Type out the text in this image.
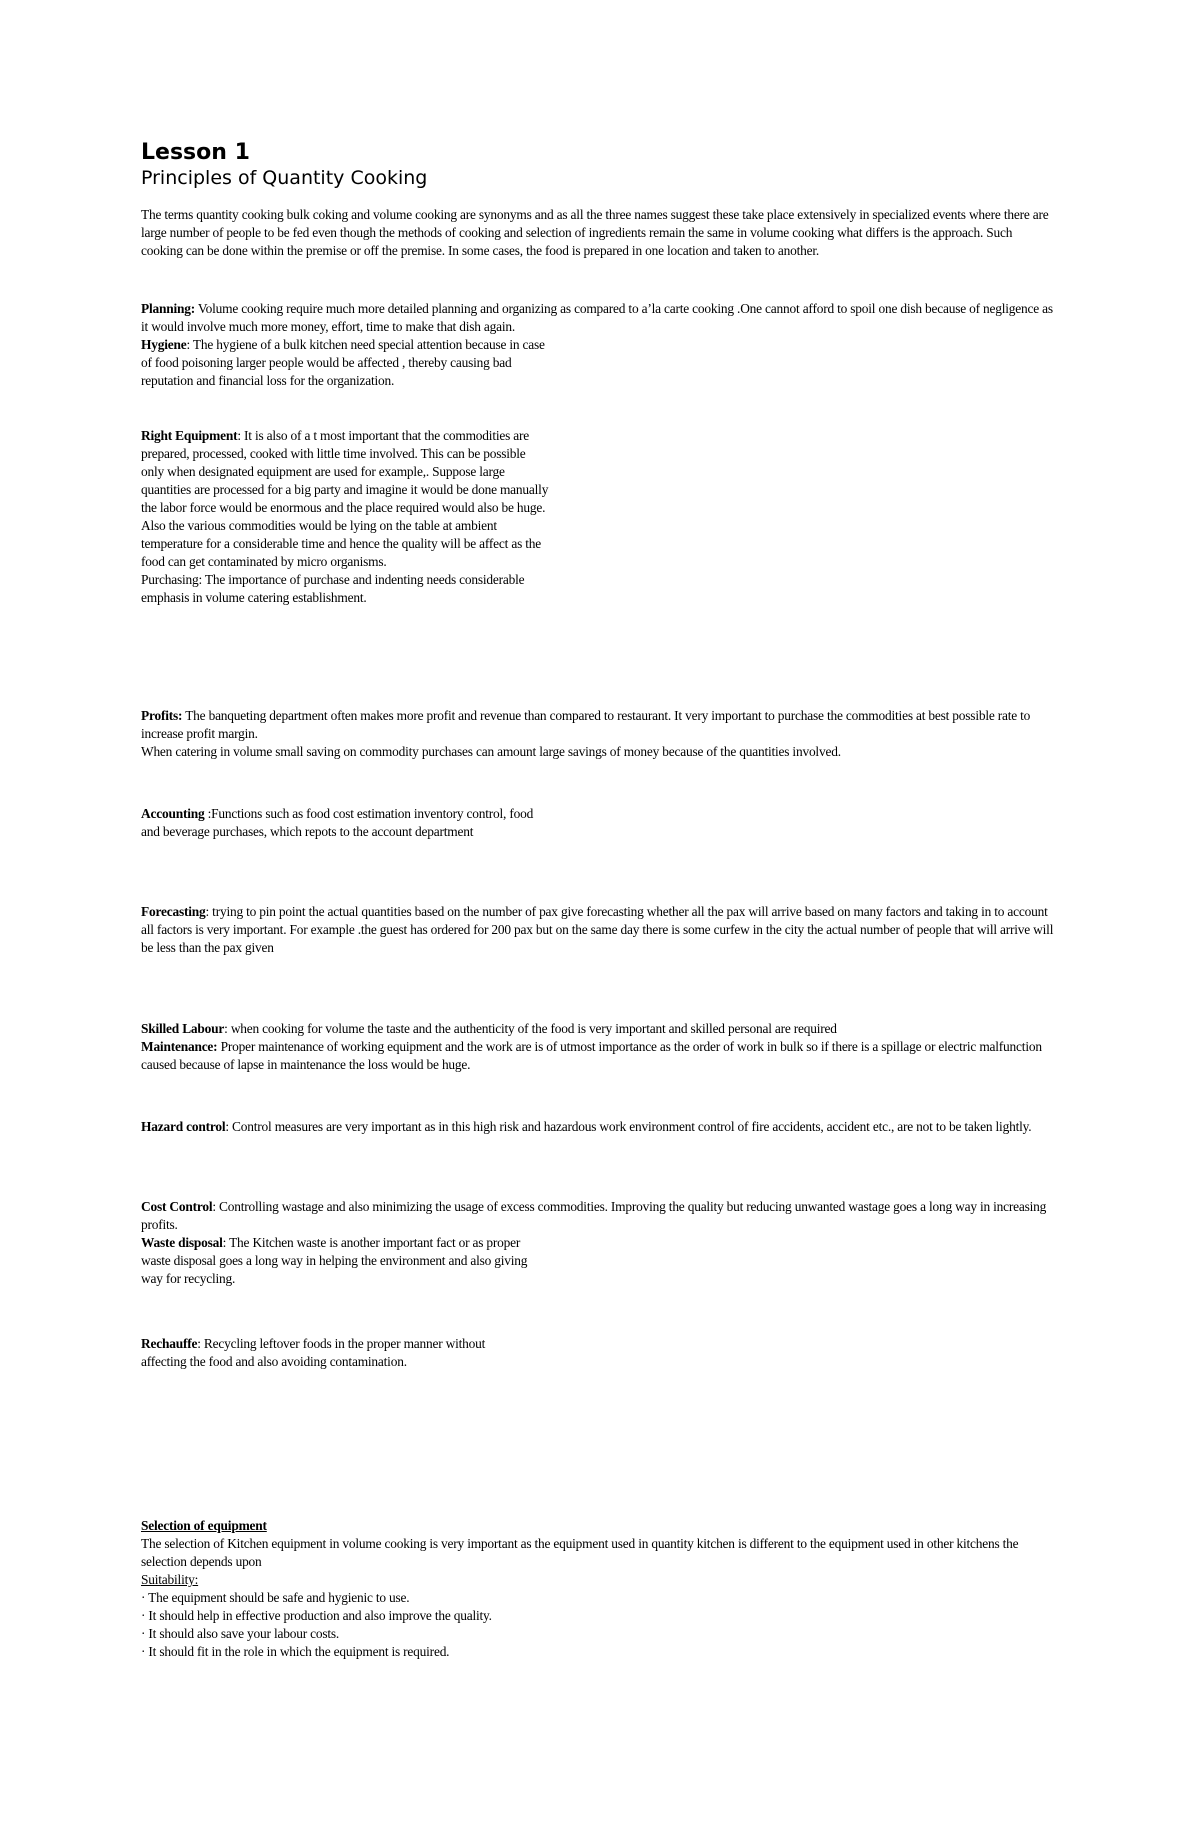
Lesson 1

Principles of Quantity Cooking

The terms quantity cooking bulk coking and volume cooking are synonyms and as all the three names suggest these take place extensively in specialized events where there are large number of people to be fed even though the methods of cooking and selection of ingredients remain the same in volume cooking what differs is the approach. Such cooking can be done within the premise or off the premise. In some cases, the food is prepared in one location and taken to another.

Planning: Volume cooking require much more detailed planning and organizing as compared to a’la carte cooking .One cannot afford to spoil one dish because of negligence as it would involve much more money, effort, time to make that dish again.

Hygiene: The hygiene of a bulk kitchen need special attention because in case of food poisoning larger people would be affected , thereby causing bad reputation and financial loss for the organization.

Right Equipment: It is also of a t most important that the commodities are prepared, processed, cooked with little time involved. This can be possible only when designated equipment are used for example,. Suppose large quantities are processed for a big party and imagine it would be done manually the labor force would be enormous and the place required would also be huge. Also the various commodities would be lying on the table at ambient temperature for a considerable time and hence the quality will be affect as the food can get contaminated by micro organisms.

Purchasing: The importance of purchase and indenting needs considerable emphasis in volume catering establishment.

Profits: The banqueting department often makes more profit and revenue than compared to restaurant. It very important to purchase the commodities at best possible rate to increase profit margin.

When catering in volume small saving on commodity purchases can amount large savings of money because of the quantities involved.

Accounting :Functions such as food cost estimation inventory control, food and beverage purchases, which repots to the account department

Forecasting: trying to pin point the actual quantities based on the number of pax give forecasting whether all the pax will arrive based on many factors and taking in to account all factors is very important. For example .the guest has ordered for 200 pax but on the same day there is some curfew in the city the actual number of people that will arrive will be less than the pax given

Skilled Labour: when cooking for volume the taste and the authenticity of the food is very important and skilled personal are required

Maintenance: Proper maintenance of working equipment and the work are is of utmost importance as the order of work in bulk so if there is a spillage or electric malfunction caused because of lapse in maintenance the loss would be huge.

Hazard control: Control measures are very important as in this high risk and hazardous work environment control of fire accidents, accident etc., are not to be taken lightly.

Cost Control: Controlling wastage and also minimizing the usage of excess commodities. Improving the quality but reducing unwanted wastage goes a long way in increasing profits.

Waste disposal: The Kitchen waste is another important fact or as proper waste disposal goes a long way in helping the environment and also giving way for recycling.

Rechauffe: Recycling leftover foods in the proper manner without affecting the food and also avoiding contamination.

Selection of equipment

The selection of Kitchen equipment in volume cooking is very important as the equipment used in quantity kitchen is different to the equipment used in other kitchens the selection depends upon

Suitability:

· The equipment should be safe and hygienic to use.

· It should help in effective production and also improve the quality.

· It should also save your labour costs.

· It should fit in the role in which the equipment is required.
